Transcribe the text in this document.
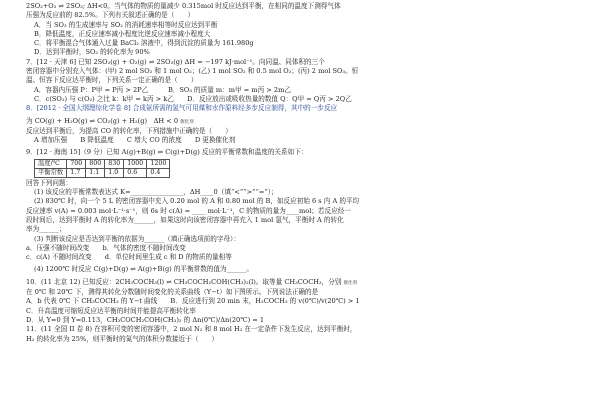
2SO₂+O₂ ⇌ 2SO₃; ΔH<0。当气体的物质的量减少 0.315mol 时反应达到平衡，在相同的温度下测得气体
压强为反应前的 82.5%。下列有关叙述正确的是（　　）
A．当 SO₃ 的生成速率与 SO₂ 的消耗速率相等时反应达到平衡
B．降低温度，正反应速率减小程度比逆反应速率减小程度大
C．将平衡混合气体通入过量 BaCl₂ 溶液中，得到沉淀的质量为 161.980g
D．达到平衡时，SO₂ 的转化率为 90%
7．[12 · 天津 6] 已知 2SO₂(g) + O₂(g) ⇌ 2SO₃(g) ΔH = −197 kJ·mol⁻¹。向同温、同体积的三个
密闭容器中分别充入气体：(甲) 2 mol SO₂ 和 1 mol O₂；(乙) 1 mol SO₂ 和 0.5 mol O₂；(丙) 2 mol SO₃。恒
温、恒容下反应达平衡时，下列关系一定正确的是（　　）
A．容器内压强 P：P甲 = P丙 > 2P乙　　　B．SO₃ 的质量 m：m甲 = m丙 > 2m乙
C．c(SO₂) 与 c(O₂) 之比 k：k甲 = k丙 > k乙　　D．反应放出或吸收热量的数值 Q：Q甲 = Q丙 > 2Q乙
8．[2012 · 全国大纲理综化学卷 8] 合成氨所需的氢气可用煤和水作原料经多步反应制得，其中的一步反应
为 CO(g) + H₂O(g) ⇌ CO₂(g) + H₂(g)　ΔH < 0 催化剂
反应达到平衡后，为提高 CO 的转化率，下列措施中正确的是（　　）
A 增加压强　　B 降低温度　　C 增大 CO 的浓度　　D 更换催化剂
9．[12 · 海南 15]（9 分）已知 A(g)+B(g) ⇌ C(g)+D(g) 反应的平衡常数和温度的关系如下：
温度/℃	700	800	830	1000	1200
平衡常数	1.7	1.1	1.0	0.6	0.4
回答下列问题：
(1) 该反应的平衡常数表达式 K=________________，ΔH____0（填“<”“>”“=”）；
(2) 830℃ 时，向一个 5 L 的密闭容器中充入 0.20 mol 的 A 和 0.80 mol 的 B，如反应初始 6 s 内 A 的平均
反应速率 v(A) = 0.003 mol·L⁻¹·s⁻¹，则 6s 时 c(A) = ____ mol·L⁻¹，C 的物质的量为____mol；若反应经一
段时间后，达到平衡时 A 的转化率为______，如果这时向该密闭容器中再充入 1 mol 氩气，平衡时 A 的转化
率为______；
(3) 判断该反应是否达到平衡的依据为______（填正确选项前的字母）：
a．压强不随时间改变　　b．气体的密度不随时间改变
c．c(A) 不随时间改变　　d．单位时间里生成 c 和 D 的物质的量相等
(4) 1200℃ 时反应 C(g)+D(g) ⇌ A(g)+B(g) 的平衡常数的值为______。
10．(11 北京 12) 已知反应：2CH₃COCH₃(l) ⇌ CH₃COCH₂COH(CH₃)₂(l)。取等量 CH₃COCH₃，分别 催化剂
在 0℃ 和 20℃ 下，测得其转化分数随时间变化的关系曲线（Y−t）如下图所示。下列说法正确的是
A．b 代表 0℃ 下 CH₃COCH₃ 的 Y−t 曲线　　B．反应进行到 20 min 末，H₃COCH₃ 的 v(0℃)/v(20℃) > 1
C．升高温度可缩短反应达平衡的时间并能提高平衡转化率
D．从 Y=0 到 Y=0.113，CH₃COCH₂COH(CH₃)₂ 的 Δn(0℃)/Δn(20℃) = 1
11．(11 全国 II 卷 8) 在容积可变的密闭容器中，2 mol N₂ 和 8 mol H₂ 在一定条件下发生反应，达到平衡时，
H₂ 的转化率为 25%，则平衡时的氮气的体积分数接近于（　　）
